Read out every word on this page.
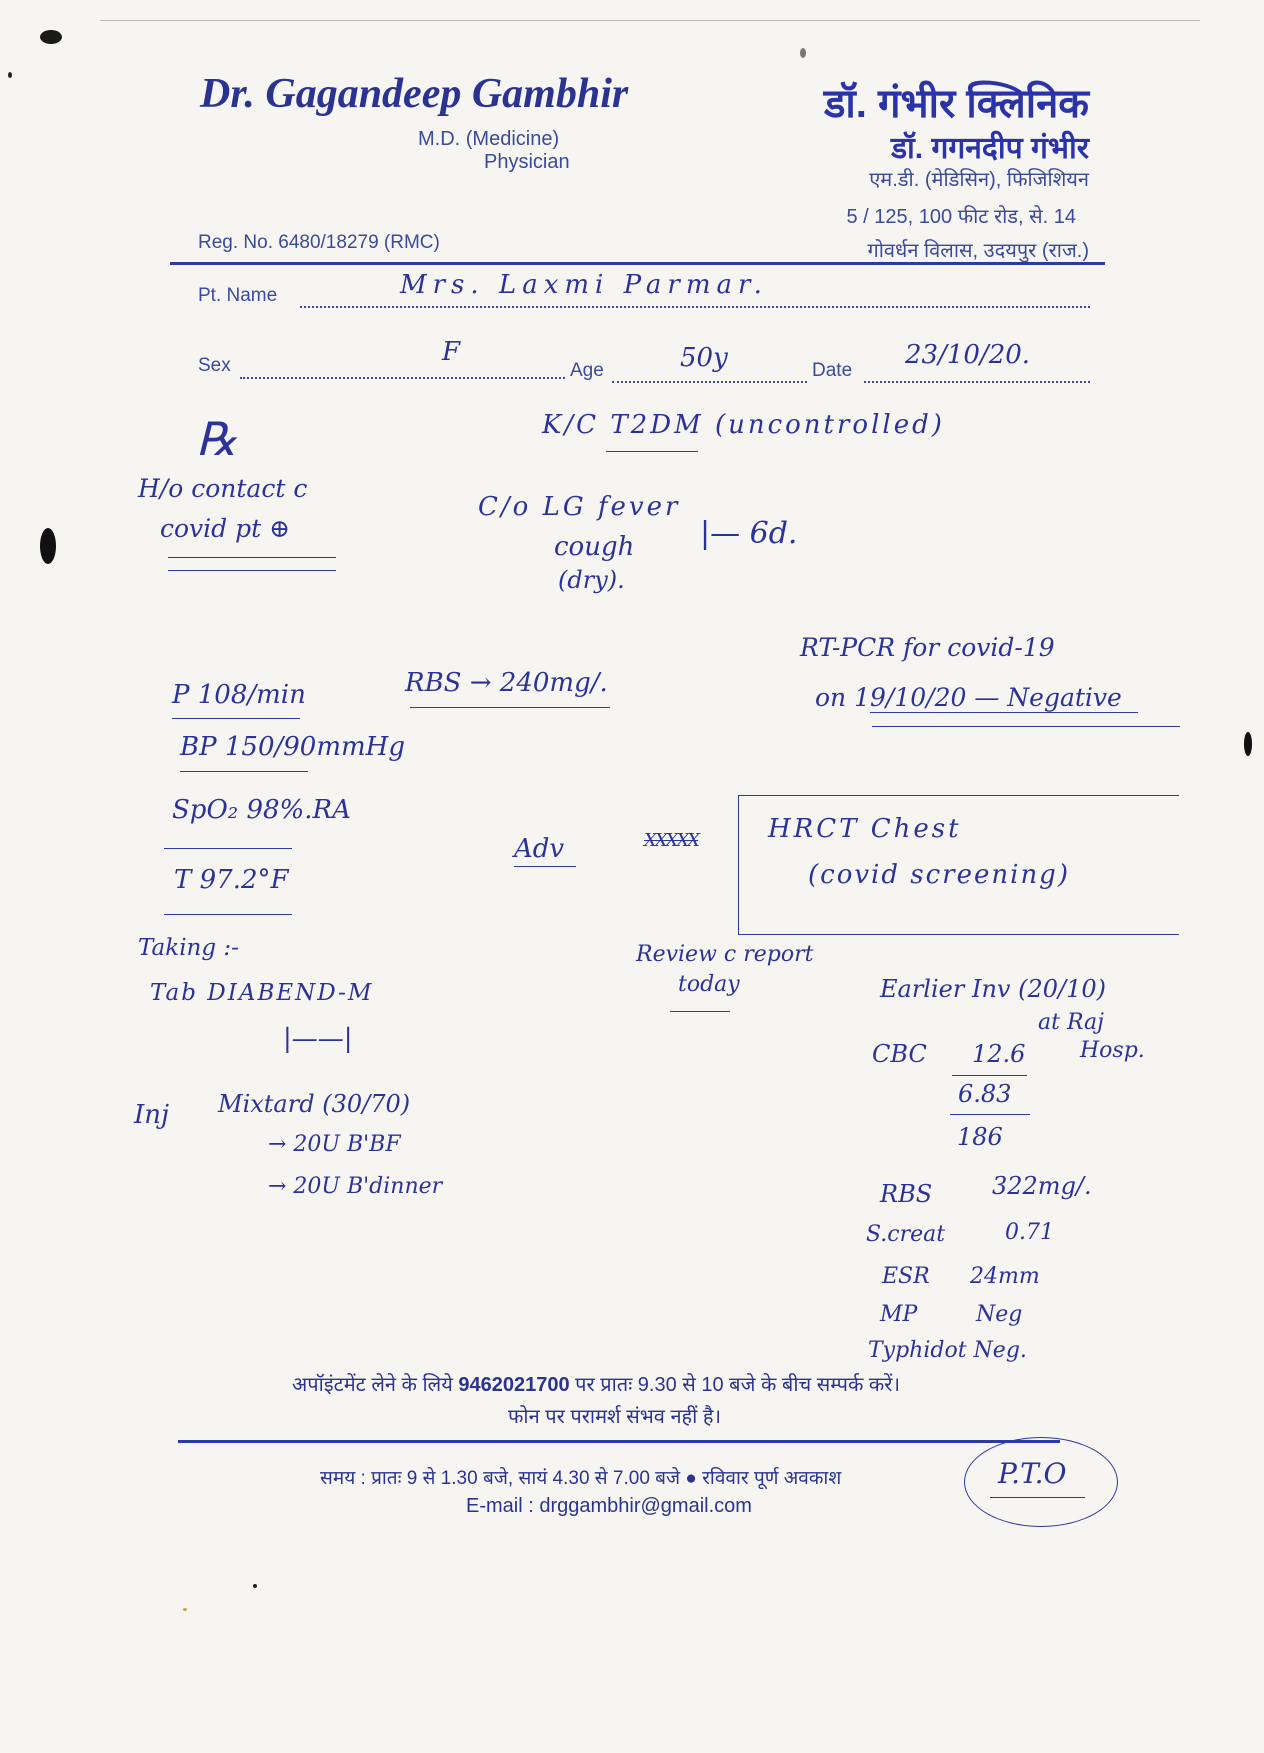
Dr. Gagandeep Gambhir
M.D. (Medicine)
Physician
डॉ. गंभीर क्लिनिक
डॉ. गगनदीप गंभीर
एम.डी. (मेडिसिन), फिजिशियन
5 / 125, 100 फीट रोड, से. 14
गोवर्धन विलास, उदयपुर (राज.)
Reg. No. 6480/18279 (RMC)
Pt. Name	Mrs. Laxmi Parmar.
Sex	F
Age	50y	Date
23/10/20.
℞	K/C T2DM (uncontrolled)
H/o contact c
covid pt ⊕
C/o LG fever
cough
(dry).
|— 6d.
RT-PCR for covid-19
on 19/10/20 — Negative
P 108/min	RBS → 240mg/.
BP 150/90mmHg
SpO₂ 98%.RA
T 97.2°F
Adv	XXXXX	HRCT Chest
(covid screening)
Review c report
today
Taking :-
Tab DIABEND-M
|——|
Earlier Inv (20/10)
at Raj
Hosp.
CBC 12.6
6.83
186
Inj Mixtard (30/70)
→ 20U B'BF
→ 20U B'dinner	RBS 322mg/.
S.creat	0.71
ESR 24mm
MP	Neg
Typhidot Neg.
अपॉइंटमेंट लेने के लिये 9462021700 पर प्रातः 9.30 से 10 बजे के बीच सम्पर्क करें।
फोन पर परामर्श संभव नहीं है।
समय : प्रातः 9 से 1.30 बजे, सायं 4.30 से 7.00 बजे ● रविवार पूर्ण अवकाश
E-mail : drggambhir@gmail.com
P.T.O
